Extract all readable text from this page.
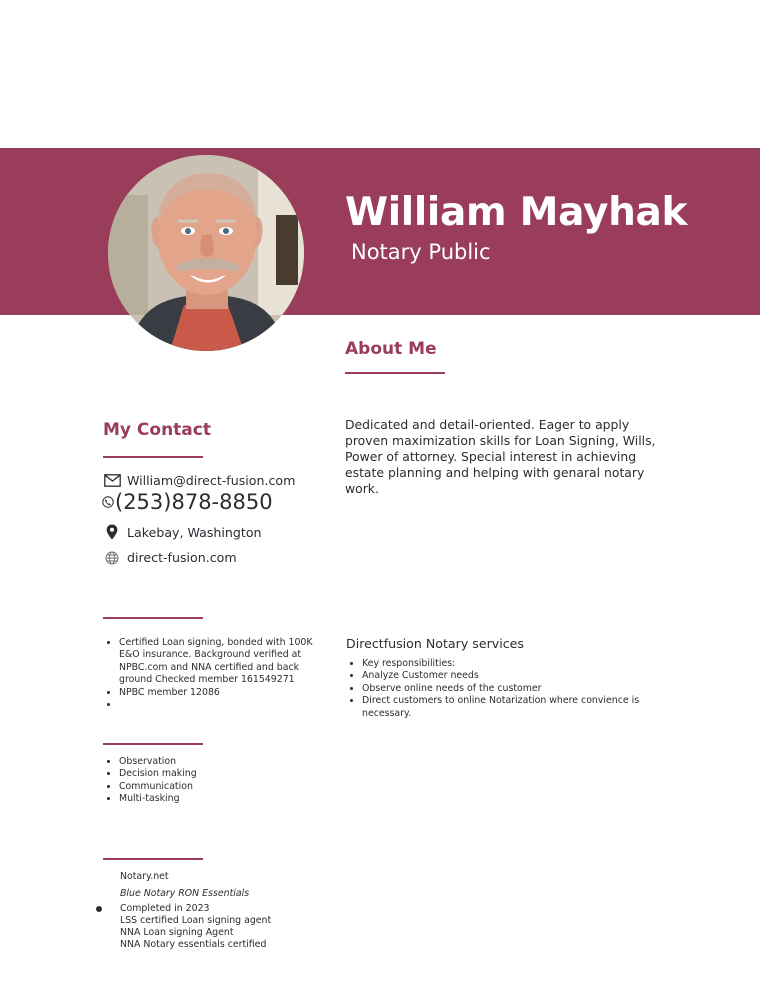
William Mayhak
Notary Public
About Me
Dedicated and detail-oriented. Eager to apply proven maximization skills for Loan Signing, Wills, Power of attorney. Special interest in achieving estate planning and helping with genaral notary work.
My Contact
William@direct-fusion.com
(253)878-8850
Lakebay, Washington
direct-fusion.com
• Certified Loan signing, bonded with 100K E&O insurance. Background verified at NPBC.com and NNA certified and back ground Checked member 161549271
• NPBC member 12086
•
Directfusion Notary services
• Key responsibilities:
• Analyze Customer needs
• Observe online needs of the customer
• Direct customers to online Notarization where convience is necessary.
• Observation
• Decision making
• Communication
• Multi-tasking
Notary.net
Blue Notary RON Essentials
Completed in 2023
LSS certified Loan signing agent
NNA Loan signing Agent
NNA Notary essentials certified
